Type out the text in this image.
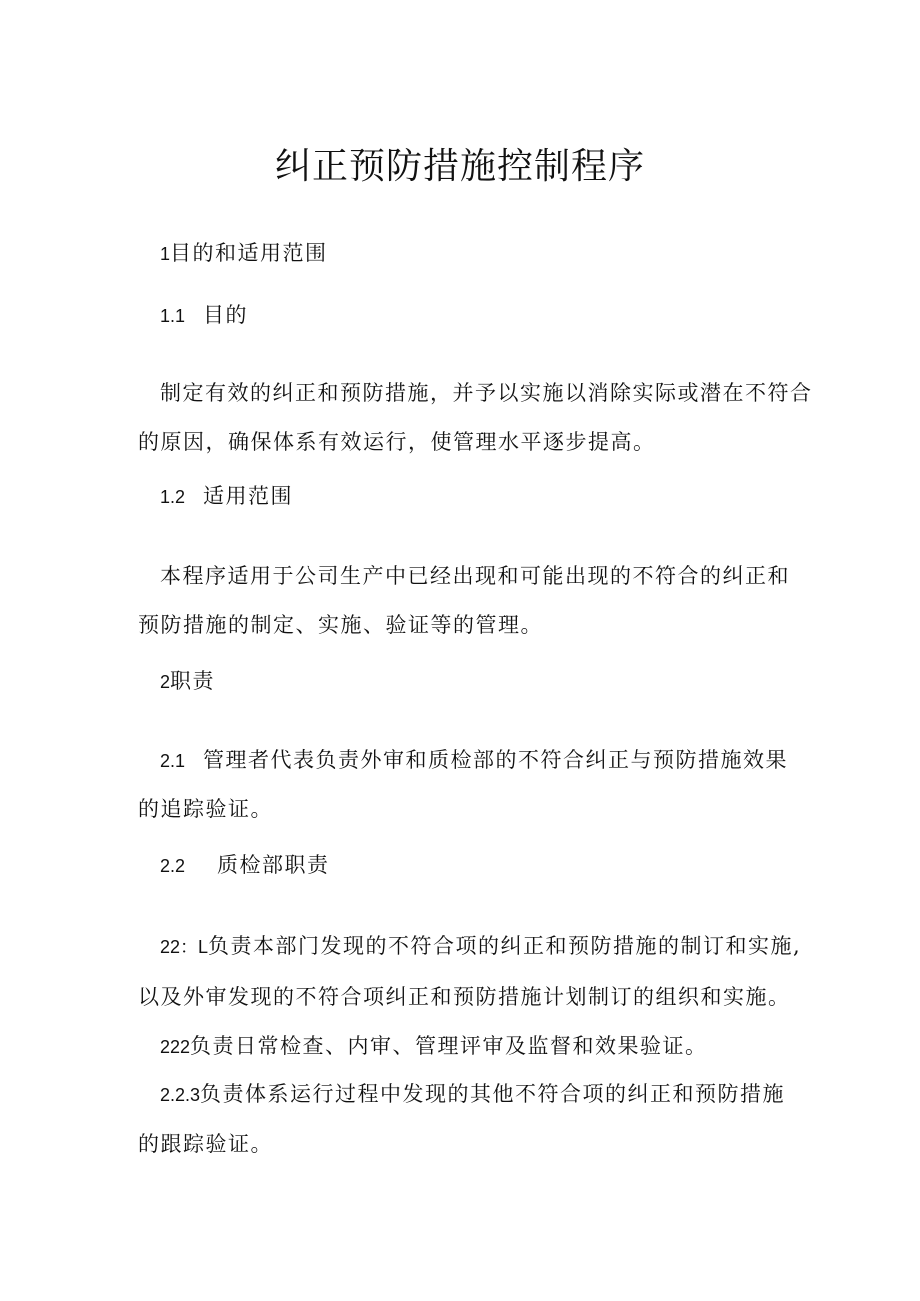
纠正预防措施控制程序

1目的和适用范围

1.1 目的

制定有效的纠正和预防措施，并予以实施以消除实际或潜在不符合

的原因，确保体系有效运行，使管理水平逐步提高。

1.2 适用范围

本程序适用于公司生产中已经出现和可能出现的不符合的纠正和

预防措施的制定、实施、验证等的管理。

2职责

2.1 管理者代表负责外审和质检部的不符合纠正与预防措施效果

的追踪验证。

2.2 质检部职责

22：L负责本部门发现的不符合项的纠正和预防措施的制订和实施,

以及外审发现的不符合项纠正和预防措施计划制订的组织和实施。

222负责日常检查、内审、管理评审及监督和效果验证。

2.2.3负责体系运行过程中发现的其他不符合项的纠正和预防措施

的跟踪验证。
